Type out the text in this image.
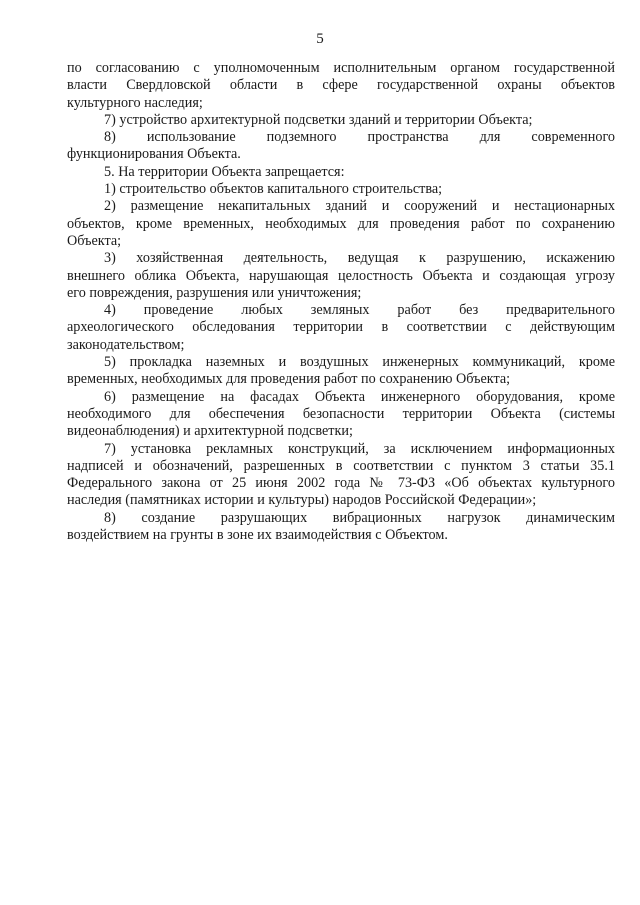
5
по согласованию с уполномоченным исполнительным органом государственной
власти Свердловской области в сфере государственной охраны объектов
культурного наследия;
7) устройство архитектурной подсветки зданий и территории Объекта;
8) использование подземного пространства для современного
функционирования Объекта.
5. На территории Объекта запрещается:
1) строительство объектов капитального строительства;
2) размещение некапитальных зданий и сооружений и нестационарных
объектов, кроме временных, необходимых для проведения работ по сохранению
Объекта;
3) хозяйственная деятельность, ведущая к разрушению, искажению
внешнего облика Объекта, нарушающая целостность Объекта и создающая угрозу
его повреждения, разрушения или уничтожения;
4) проведение любых земляных работ без предварительного
археологического обследования территории в соответствии с действующим
законодательством;
5) прокладка наземных и воздушных инженерных коммуникаций, кроме
временных, необходимых для проведения работ по сохранению Объекта;
6) размещение на фасадах Объекта инженерного оборудования, кроме
необходимого для обеспечения безопасности территории Объекта (системы
видеонаблюдения) и архитектурной подсветки;
7) установка рекламных конструкций, за исключением информационных
надписей и обозначений, разрешенных в соответствии с пунктом 3 статьи 35.1
Федерального закона от 25 июня 2002 года № 73-ФЗ «Об объектах культурного
наследия (памятниках истории и культуры) народов Российской Федерации»;
8) создание разрушающих вибрационных нагрузок динамическим
воздействием на грунты в зоне их взаимодействия с Объектом.
